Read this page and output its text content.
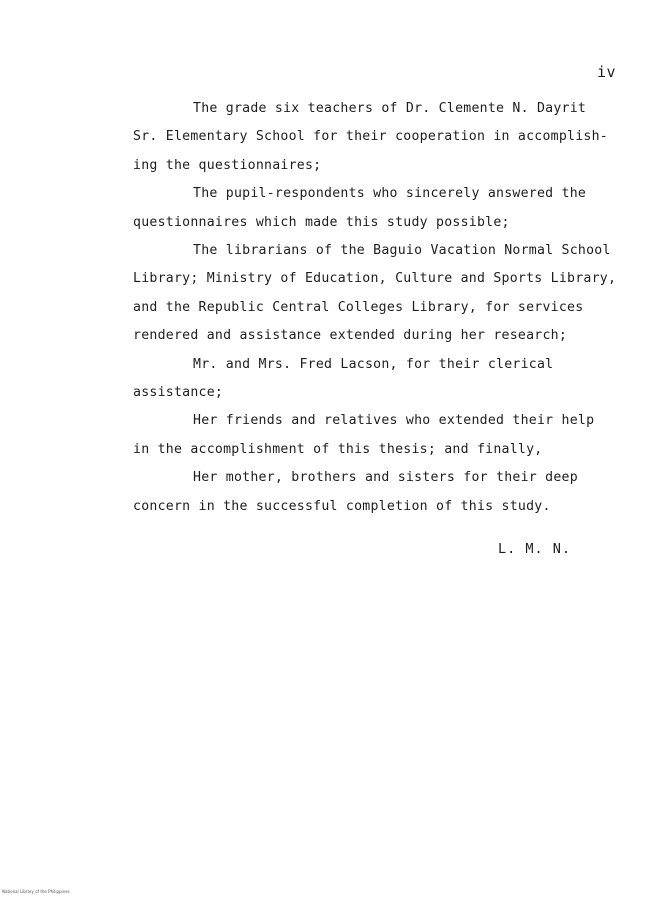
iv
The grade six teachers of Dr. Clemente N. Dayrit
Sr. Elementary School for their cooperation in accomplish-
ing the questionnaires;
The pupil-respondents who sincerely answered the
questionnaires which made this study possible;
The librarians of the Baguio Vacation Normal School
Library; Ministry of Education, Culture and Sports Library,
and the Republic Central Colleges Library, for services
rendered and assistance extended during her research;
Mr. and Mrs. Fred Lacson, for their clerical
assistance;
Her friends and relatives who extended their help
in the accomplishment of this thesis; and finally,
Her mother, brothers and sisters for their deep
concern in the successful completion of this study.
L. M. N.
National Library of the Philippines
